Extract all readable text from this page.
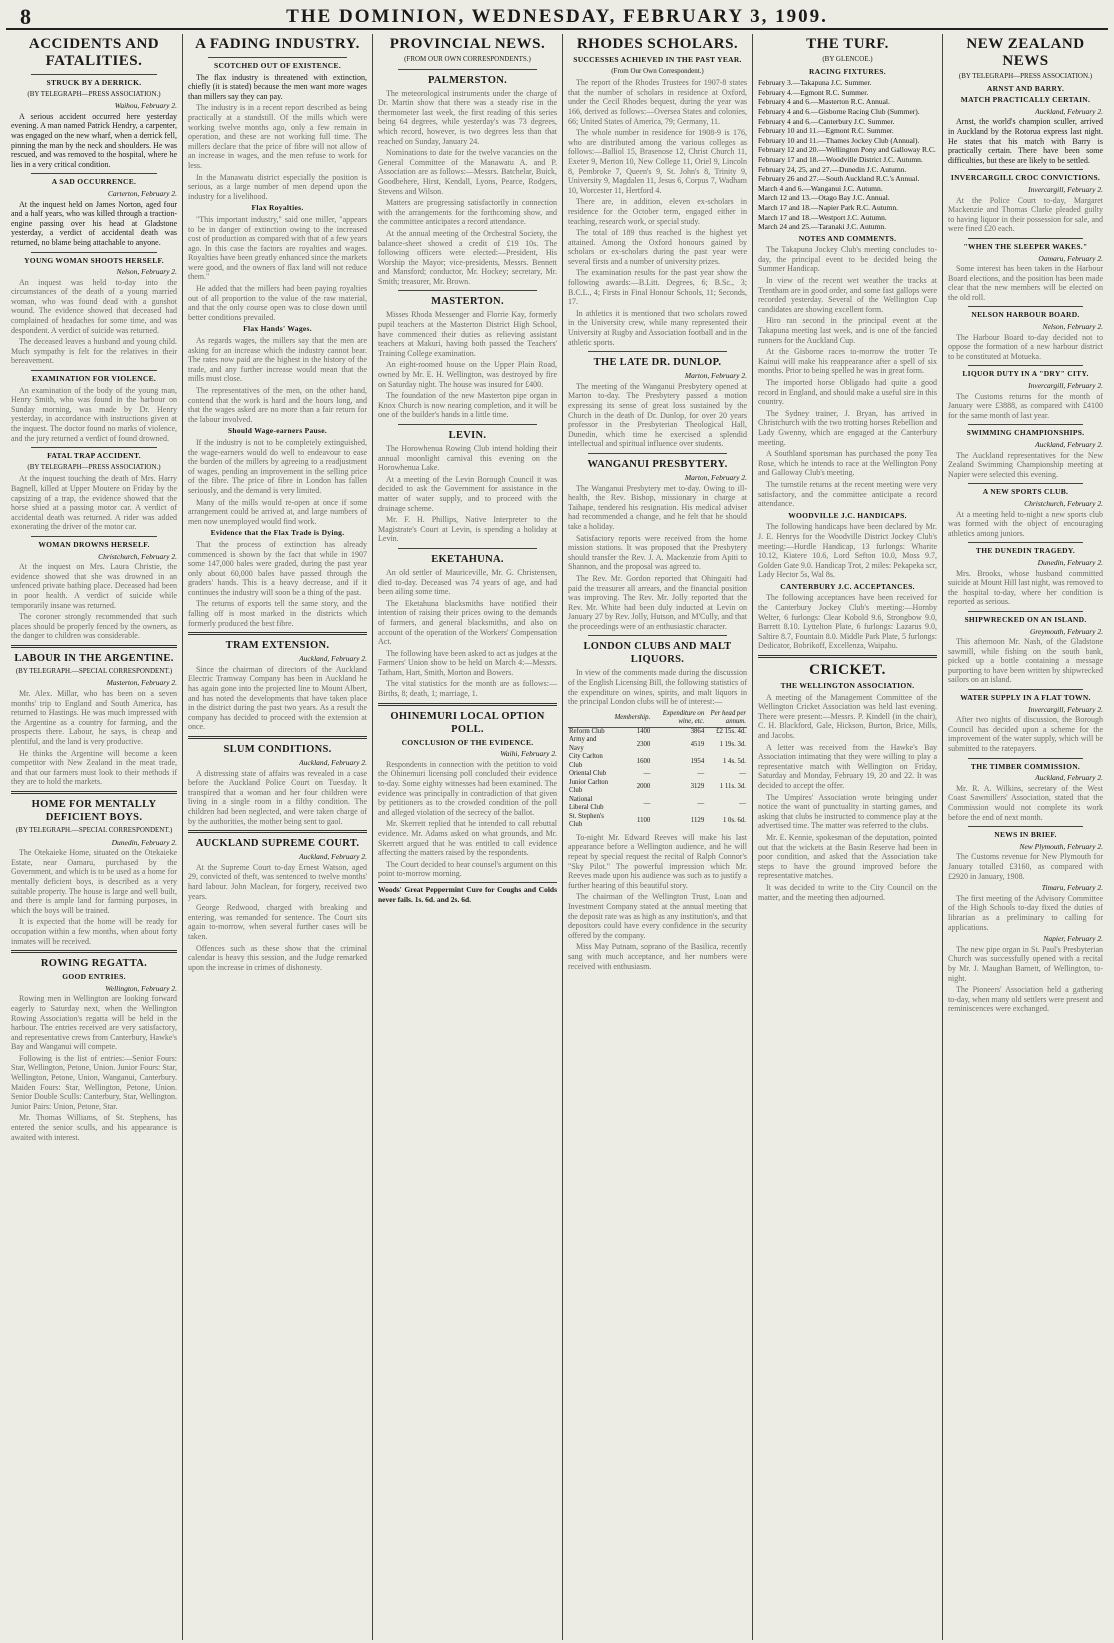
8	THE DOMINION, WEDNESDAY, FEBRUARY 3, 1909.
ACCIDENTS AND FATALITIES.
STRUCK BY A DERRICK.
(BY TELEGRAPH—PRESS ASSOCIATION.)
Waihou, February 2.

A serious accident occurred here yesterday evening. A man named Patrick Hendry, a carpenter, was engaged on the new wharf, when a derrick fell, pinning the man by the neck and shoulders. He was rescued, and was removed to the hospital, where he lies in a very critical condition.

A SAD OCCURRENCE.
Carterton, February 2.

At the inquest held on James Norton, aged four and a half years, who was killed through a traction-engine passing over his head at Gladstone yesterday, a verdict of accidental death was returned, no blame being attachable to anyone.

YOUNG WOMAN SHOOTS HERSELF.
Nelson, February 2.

An inquest was held to-day into the circumstances of the death of a young married woman, who was found dead with a gunshot wound. The evidence showed that deceased had complained of headaches for some time, and was despondent. A verdict of suicide was returned.

The deceased leaves a husband and young child. Much sympathy is felt for the relatives in their bereavement.

EXAMINATION FOR VIOLENCE.

An examination of the body of the young man, Henry Smith, who was found in the harbour on Sunday morning, was made by Dr. Henry yesterday, in accordance with instructions given at the inquest. The doctor found no marks of violence, and the jury returned a verdict of found drowned.

FATAL TRAP ACCIDENT.
(BY TELEGRAPH—PRESS ASSOCIATION.)

At the inquest touching the death of Mrs. Harry Bagnell, killed at Upper Moutere on Friday by the capsizing of a trap, the evidence showed that the horse shied at a passing motor car. A verdict of accidental death was returned. A rider was added exonerating the driver of the motor car.

WOMAN DROWNS HERSELF.
Christchurch, February 2.

At the inquest on Mrs. Laura Christie, the evidence showed that she was drowned in an unfenced private bathing place. Deceased had been in poor health. A verdict of suicide while temporarily insane was returned.

The coroner strongly recommended that such places should be properly fenced by the owners, as the danger to children was considerable.

LABOUR IN THE ARGENTINE.
(BY TELEGRAPH.—SPECIAL CORRESPONDENT.)
Masterton, February 2.

Mr. Alex. Millar, who has been on a seven months' trip to England and South America, has returned to Hastings. He was much impressed with the Argentine as a country for farming, and the prospects there. Labour, he says, is cheap and plentiful, and the land is very productive.

He thinks the Argentine will become a keen competitor with New Zealand in the meat trade, and that our farmers must look to their methods if they are to hold the markets.

HOME FOR MENTALLY DEFICIENT BOYS.
(BY TELEGRAPH.—SPECIAL CORRESPONDENT.)
Dunedin, February 2.

The Otekaieke Home, situated on the Otekaieke Estate, near Oamaru, purchased by the Government, and which is to be used as a home for mentally deficient boys, is described as a very suitable property. The house is large and well built, and there is ample land for farming purposes, in which the boys will be trained.

It is expected that the home will be ready for occupation within a few months, when about forty inmates will be received.

ROWING REGATTA.
GOOD ENTRIES.
Wellington, February 2.

Rowing men in Wellington are looking forward eagerly to Saturday next, when the Wellington Rowing Association's regatta will be held in the harbour. The entries received are very satisfactory, and representative crews from Canterbury, Hawke's Bay and Wanganui will compete.

Following is the list of entries:—Senior Fours: Star, Wellington, Petone, Union. Junior Fours: Star, Wellington, Petone, Union, Wanganui, Canterbury. Maiden Fours: Star, Wellington, Petone, Union. Senior Double Sculls: Canterbury, Star, Wellington. Junior Pairs: Union, Petone, Star.

Mr. Thomas Williams, of St. Stephens, has entered the senior sculls, and his appearance is awaited with interest.

A FADING INDUSTRY.
SCOTCHED OUT OF EXISTENCE.

The flax industry is threatened with extinction, chiefly (it is stated) because the men want more wages than millers say they can pay.

The industry is in a recent report described as being practically at a standstill. Of the mills which were working twelve months ago, only a few remain in operation, and these are not working full time. The millers declare that the price of fibre will not allow of an increase in wages, and the men refuse to work for less.

In the Manawatu district especially the position is serious, as a large number of men depend upon the industry for a livelihood.

Flax Royalties.

"This important industry," said one miller, "appears to be in danger of extinction owing to the increased cost of production as compared with that of a few years ago. In this case the factors are royalties and wages. Royalties have been greatly enhanced since the markets were good, and the owners of flax land will not reduce them."

He added that the millers had been paying royalties out of all proportion to the value of the raw material, and that the only course open was to close down until better conditions prevailed.

Flax Hands' Wages.

As regards wages, the millers say that the men are asking for an increase which the industry cannot bear. The rates now paid are the highest in the history of the trade, and any further increase would mean that the mills must close.

The representatives of the men, on the other hand, contend that the work is hard and the hours long, and that the wages asked are no more than a fair return for the labour involved.

Should Wage-earners Pause.

If the industry is not to be completely extinguished, the wage-earners would do well to endeavour to ease the burden of the millers by agreeing to a readjustment of wages, pending an improvement in the selling price of the fibre. The price of fibre in London has fallen seriously, and the demand is very limited.

Many of the mills would re-open at once if some arrangement could be arrived at, and large numbers of men now unemployed would find work.

Evidence that the Flax Trade is Dying.

That the process of extinction has already commenced is shown by the fact that while in 1907 some 147,000 bales were graded, during the past year only about 60,000 bales have passed through the graders' hands. This is a heavy decrease, and if it continues the industry will soon be a thing of the past.

The returns of exports tell the same story, and the falling off is most marked in the districts which formerly produced the best fibre.

TRAM EXTENSION.
Auckland, February 2.

Since the chairman of directors of the Auckland Electric Tramway Company has been in Auckland he has again gone into the projected line to Mount Albert, and has noted the developments that have taken place in the district during the past two years. As a result the company has decided to proceed with the extension at once.

SLUM CONDITIONS.
Auckland, February 2.

A distressing state of affairs was revealed in a case before the Auckland Police Court on Tuesday. It transpired that a woman and her four children were living in a single room in a filthy condition. The children had been neglected, and were taken charge of by the authorities, the mother being sent to gaol.

AUCKLAND SUPREME COURT.
Auckland, February 2.

At the Supreme Court to-day Ernest Watson, aged 29, convicted of theft, was sentenced to twelve months' hard labour. John Maclean, for forgery, received two years.

George Redwood, charged with breaking and entering, was remanded for sentence. The Court sits again to-morrow, when several further cases will be taken.

Offences such as these show that the criminal calendar is heavy this session, and the Judge remarked upon the increase in crimes of dishonesty.

PROVINCIAL NEWS.
(FROM OUR OWN CORRESPONDENTS.)
PALMERSTON.

The meteorological instruments under the charge of Dr. Martin show that there was a steady rise in the thermometer last week, the first reading of this series being 64 degrees, while yesterday's was 73 degrees, which record, however, is two degrees less than that reached on Sunday, January 24.

Nominations to date for the twelve vacancies on the General Committee of the Manawatu A. and P. Association are as follows:—Messrs. Batchelar, Buick, Goodbehere, Hirst, Kendall, Lyons, Pearce, Rodgers, Stevens and Wilson.

Matters are progressing satisfactorily in connection with the arrangements for the forthcoming show, and the committee anticipates a record attendance.

At the annual meeting of the Orchestral Society, the balance-sheet showed a credit of £19 10s. The following officers were elected:—President, His Worship the Mayor; vice-presidents, Messrs. Bennett and Mansford; conductor, Mr. Hockey; secretary, Mr. Smith; treasurer, Mr. Brown.

MASTERTON.

Misses Rhoda Messenger and Florrie Kay, formerly pupil teachers at the Masterton District High School, have commenced their duties as relieving assistant teachers at Makuri, having both passed the Teachers' Training College examination.

An eight-roomed house on the Upper Plain Road, owned by Mr. E. H. Wellington, was destroyed by fire on Saturday night. The house was insured for £400.

The foundation of the new Masterton pipe organ in Knox Church is now nearing completion, and it will be one of the builder's hands in a little time.

LEVIN.

The Horowhenua Rowing Club intend holding their annual moonlight carnival this evening on the Horowhenua Lake.

At a meeting of the Levin Borough Council it was decided to ask the Government for assistance in the matter of water supply, and to proceed with the drainage scheme.

Mr. F. H. Phillips, Native Interpreter to the Magistrate's Court at Levin, is spending a holiday at Levin.

EKETAHUNA.

An old settler of Mauriceville, Mr. G. Christensen, died to-day. Deceased was 74 years of age, and had been ailing some time.

The Eketahuna blacksmiths have notified their intention of raising their prices owing to the demands of farmers, and general blacksmiths, and also on account of the operation of the Workers' Compensation Act.

The following have been asked to act as judges at the Farmers' Union show to be held on March 4:—Messrs. Tatham, Hart, Smith, Morton and Bowers.

The vital statistics for the month are as follows:—Births, 8; death, 1; marriage, 1.

OHINEMURI LOCAL OPTION POLL.
CONCLUSION OF THE EVIDENCE.
Waihi, February 2.

Respondents in connection with the petition to void the Ohinemuri licensing poll concluded their evidence to-day. Some eighty witnesses had been examined. The evidence was principally in contradiction of that given by petitioners as to the crowded condition of the poll and alleged violation of the secrecy of the ballot.

Mr. Skerrett replied that he intended to call rebuttal evidence. Mr. Adams asked on what grounds, and Mr. Skerrett argued that he was entitled to call evidence affecting the matters raised by the respondents.

The Court decided to hear counsel's argument on this point to-morrow morning.

Woods' Great Peppermint Cure for Coughs and Colds never fails. 1s. 6d. and 2s. 6d.
RHODES SCHOLARS.
SUCCESSES ACHIEVED IN THE PAST YEAR.
(From Our Own Correspondent.)

The report of the Rhodes Trustees for 1907-8 states that the number of scholars in residence at Oxford, under the Cecil Rhodes bequest, during the year was 166, derived as follows:—Oversea States and colonies, 66; United States of America, 79; Germany, 11.

The whole number in residence for 1908-9 is 176, who are distributed among the various colleges as follows:—Balliol 15, Brasenose 12, Christ Church 11, Exeter 9, Merton 10, New College 11, Oriel 9, Lincoln 8, Pembroke 7, Queen's 9, St. John's 8, Trinity 9, University 9, Magdalen 11, Jesus 6, Corpus 7, Wadham 10, Worcester 11, Hertford 4.

There are, in addition, eleven ex-scholars in residence for the October term, engaged either in teaching, research work, or special study.

The total of 189 thus reached is the highest yet attained. Among the Oxford honours gained by scholars or ex-scholars during the past year were several firsts and a number of university prizes.

The examination results for the past year show the following awards:—B.Litt. Degrees, 6; B.Sc., 3; B.C.L., 4; Firsts in Final Honour Schools, 11; Seconds, 17.

In athletics it is mentioned that two scholars rowed in the University crew, while many represented their University at Rugby and Association football and in the athletic sports.

THE LATE DR. DUNLOP.
Marton, February 2.

The meeting of the Wanganui Presbytery opened at Marton to-day. The Presbytery passed a motion expressing its sense of great loss sustained by the Church in the death of Dr. Dunlop, for over 20 years professor in the Presbyterian Theological Hall, Dunedin, which time he exercised a splendid intellectual and spiritual influence over students.

WANGANUI PRESBYTERY.
Marton, February 2.

The Wanganui Presbytery met to-day. Owing to ill-health, the Rev. Bishop, missionary in charge at Taihape, tendered his resignation. His medical adviser had recommended a change, and he felt that he should take a holiday.

Satisfactory reports were received from the home mission stations. It was proposed that the Presbytery should transfer the Rev. J. A. Mackenzie from Apiti to Shannon, and the proposal was agreed to.

The Rev. Mr. Gordon reported that Ohingaiti had paid the treasurer all arrears, and the financial position was improving. The Rev. Mr. Jolly reported that the Rev. Mr. White had been duly inducted at Levin on January 27 by Rev. Jolly, Hutson, and M'Cully, and that the proceedings were of an enthusiastic character.

LONDON CLUBS AND MALT LIQUORS.

In view of the comments made during the discussion of the English Licensing Bill, the following statistics of the expenditure on wines, spirits, and malt liquors in the principal London clubs will be of interest:—

	Membership.	Expenditure on wine, etc.	Per head per annum.
Reform Club	1400	3864	£2 15s. 4d.
Army and Navy	2300	4519	1 19s. 3d.
City Carlton Club	1600	1954	1 4s. 5d.
Oriental Club	—	—	—
Junior Carlton Club	2000	3129	1 11s. 3d.
National Liberal Club	—	—	—
St. Stephen's Club	1100	1129	1 0s. 6d.

To-night Mr. Edward Reeves will make his last appearance before a Wellington audience, and he will repeat by special request the recital of Ralph Connor's "Sky Pilot." The powerful impression which Mr. Reeves made upon his audience was such as to justify a further hearing of this beautiful story.

The chairman of the Wellington Trust, Loan and Investment Company stated at the annual meeting that the deposit rate was as high as any institution's, and that depositors could have every confidence in the security offered by the company.

Miss May Putnam, soprano of the Basilica, recently sang with much acceptance, and her numbers were received with enthusiasm.

THE TURF.
(BY GLENCOE.)
RACING FIXTURES.
February 3.—Takapuna J.C. Summer.
February 4.—Egmont R.C. Summer.
February 4 and 6.—Masterton R.C. Annual.
February 4 and 6.—Gisborne Racing Club (Summer).
February 4 and 6.—Canterbury J.C. Summer.
February 10 and 11.—Egmont R.C. Summer.
February 10 and 11.—Thames Jockey Club (Annual).
February 12 and 20.—Wellington Pony and Galloway R.C.
February 17 and 18.—Woodville District J.C. Autumn.
February 24, 25, and 27.—Dunedin J.C. Autumn.
February 26 and 27.—South Auckland R.C.'s Annual.
March 4 and 6.—Wanganui J.C. Autumn.
March 12 and 13.—Otago Bay J.C. Annual.
March 17 and 18.—Napier Park R.C. Autumn.
March 17 and 18.—Westport J.C. Autumn.
March 24 and 25.—Taranaki J.C. Autumn.
NOTES AND COMMENTS.

The Takapuna Jockey Club's meeting concludes to-day, the principal event to be decided being the Summer Handicap.

In view of the recent wet weather the tracks at Trentham are in good order, and some fast gallops were recorded yesterday. Several of the Wellington Cup candidates are showing excellent form.

Hiro ran second in the principal event at the Takapuna meeting last week, and is one of the fancied runners for the Auckland Cup.

At the Gisborne races to-morrow the trotter Te Kainui will make his reappearance after a spell of six months. Prior to being spelled he was in great form.

The imported horse Obligado had quite a good record in England, and should make a useful sire in this country.

The Sydney trainer, J. Bryan, has arrived in Christchurch with the two trotting horses Rebellion and Lady Gwenny, which are engaged at the Canterbury meeting.

A Southland sportsman has purchased the pony Tea Rose, which he intends to race at the Wellington Pony and Galloway Club's meeting.

The turnstile returns at the recent meeting were very satisfactory, and the committee anticipate a record attendance.

WOODVILLE J.C. HANDICAPS.

The following handicaps have been declared by Mr. J. E. Henrys for the Woodville District Jockey Club's meeting:—Hurdle Handicap, 13 furlongs: Wharite 10.12, Kiatere 10.6, Lord Sefton 10.0, Moss 9.7, Golden Gate 9.0. Handicap Trot, 2 miles: Pekapeka scr, Lady Hector 5s, Wal 8s.

CANTERBURY J.C. ACCEPTANCES.

The following acceptances have been received for the Canterbury Jockey Club's meeting:—Hornby Welter, 6 furlongs: Clear Kobold 9.6, Strongbow 9.0, Barrett 8.10. Lyttelton Plate, 6 furlongs: Lazarus 9.0, Saltire 8.7, Fountain 8.0. Middle Park Plate, 5 furlongs: Dedicator, Bobrikoff, Excellenza, Waipahu.

CRICKET.
THE WELLINGTON ASSOCIATION.

A meeting of the Management Committee of the Wellington Cricket Association was held last evening. There were present:—Messrs. P. Kindell (in the chair), C. H. Blackford, Gale, Hickson, Burton, Brice, Mills, and Jacobs.

A letter was received from the Hawke's Bay Association intimating that they were willing to play a representative match with Wellington on Friday, Saturday and Monday, February 19, 20 and 22. It was decided to accept the offer.

The Umpires' Association wrote bringing under notice the want of punctuality in starting games, and asking that clubs be instructed to commence play at the advertised time. The matter was referred to the clubs.

Mr. E. Kennie, spokesman of the deputation, pointed out that the wickets at the Basin Reserve had been in poor condition, and asked that the Association take steps to have the ground improved before the representative matches.

It was decided to write to the City Council on the matter, and the meeting then adjourned.

NEW ZEALAND NEWS
(BY TELEGRAPH—PRESS ASSOCIATION.)
ARNST AND BARRY.
MATCH PRACTICALLY CERTAIN.
Auckland, February 2.

Arnst, the world's champion sculler, arrived in Auckland by the Rotorua express last night. He states that his match with Barry is practically certain. There have been some difficulties, but these are likely to be settled.

INVERCARGILL CROC CONVICTIONS.
Invercargill, February 2.

At the Police Court to-day, Margaret Mackenzie and Thomas Clarke pleaded guilty to having liquor in their possession for sale, and were fined £20 each.

"WHEN THE SLEEPER WAKES."
Oamaru, February 2.

Some interest has been taken in the Harbour Board elections, and the position has been made clear that the new members will be elected on the old roll.

NELSON HARBOUR BOARD.
Nelson, February 2.

The Harbour Board to-day decided not to oppose the formation of a new harbour district to be constituted at Motueka.

LIQUOR DUTY IN A "DRY" CITY.
Invercargill, February 2.

The Customs returns for the month of January were £3888, as compared with £4100 for the same month of last year.

SWIMMING CHAMPIONSHIPS.
Auckland, February 2.

The Auckland representatives for the New Zealand Swimming Championship meeting at Napier were selected this evening.

A NEW SPORTS CLUB.
Christchurch, February 2.

At a meeting held to-night a new sports club was formed with the object of encouraging athletics among juniors.

THE DUNEDIN TRAGEDY.
Dunedin, February 2.

Mrs. Brooks, whose husband committed suicide at Mount Hill last night, was removed to the hospital to-day, where her condition is reported as serious.

SHIPWRECKED ON AN ISLAND.
Greymouth, February 2.

This afternoon Mr. Nash, of the Gladstone sawmill, while fishing on the south bank, picked up a bottle containing a message purporting to have been written by shipwrecked sailors on an island.

WATER SUPPLY IN A FLAT TOWN.
Invercargill, February 2.

After two nights of discussion, the Borough Council has decided upon a scheme for the improvement of the water supply, which will be submitted to the ratepayers.

THE TIMBER COMMISSION.
Auckland, February 2.

Mr. R. A. Wilkins, secretary of the West Coast Sawmillers' Association, stated that the Commission would not complete its work before the end of next month.

NEWS IN BRIEF.
New Plymouth, February 2.

The Customs revenue for New Plymouth for January totalled £3160, as compared with £2920 in January, 1908.

Timaru, February 2.

The first meeting of the Advisory Committee of the High Schools to-day fixed the duties of librarian as a preliminary to calling for applications.

Napier, February 2.

The new pipe organ in St. Paul's Presbyterian Church was successfully opened with a recital by Mr. J. Maughan Barnett, of Wellington, to-night.

The Pioneers' Association held a gathering to-day, when many old settlers were present and reminiscences were exchanged.
